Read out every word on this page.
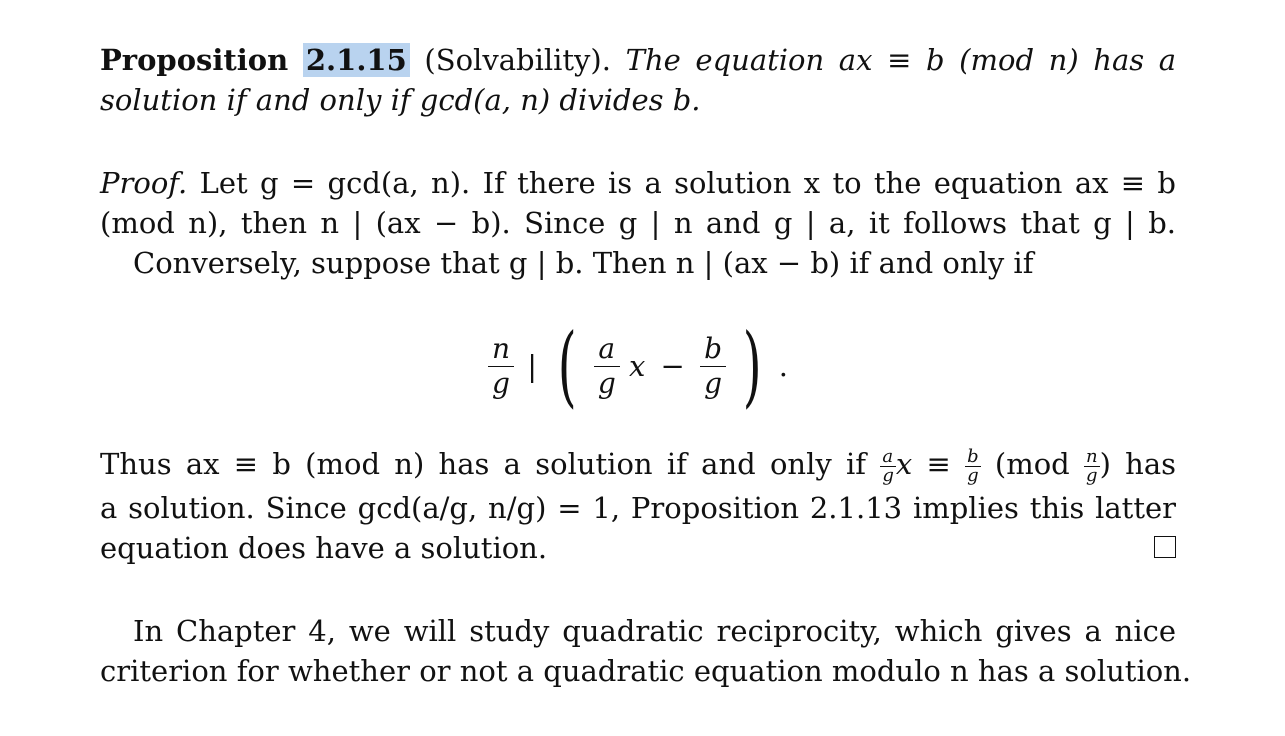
Proposition 2.1.15 (Solvability). The equation ax ≡ b (mod n) has a
solution if and only if gcd(a, n) divides b.
Proof. Let g = gcd(a, n). If there is a solution x to the equation ax ≡ b
(mod n), then n | (ax − b). Since g | n and g | a, it follows that g | b.
Conversely, suppose that g | b. Then n | (ax − b) if and only if
$\frac{n}{g}$ | ( $\frac{a}{g}$ $x - \frac{b}{g}$ ) .
Thus ax ≡ b (mod n) has a solution if and only if $\frac{a}{g}$ $x \equiv \frac{b}{g} (mod \frac{n}{g}$ ) has
a solution. Since gcd(a/g, n/g) = 1, Proposition 2.1.13 implies this latter
equation does have a solution.
In Chapter 4, we will study quadratic reciprocity, which gives a nice
criterion for whether or not a quadratic equation modulo n has a solution.
